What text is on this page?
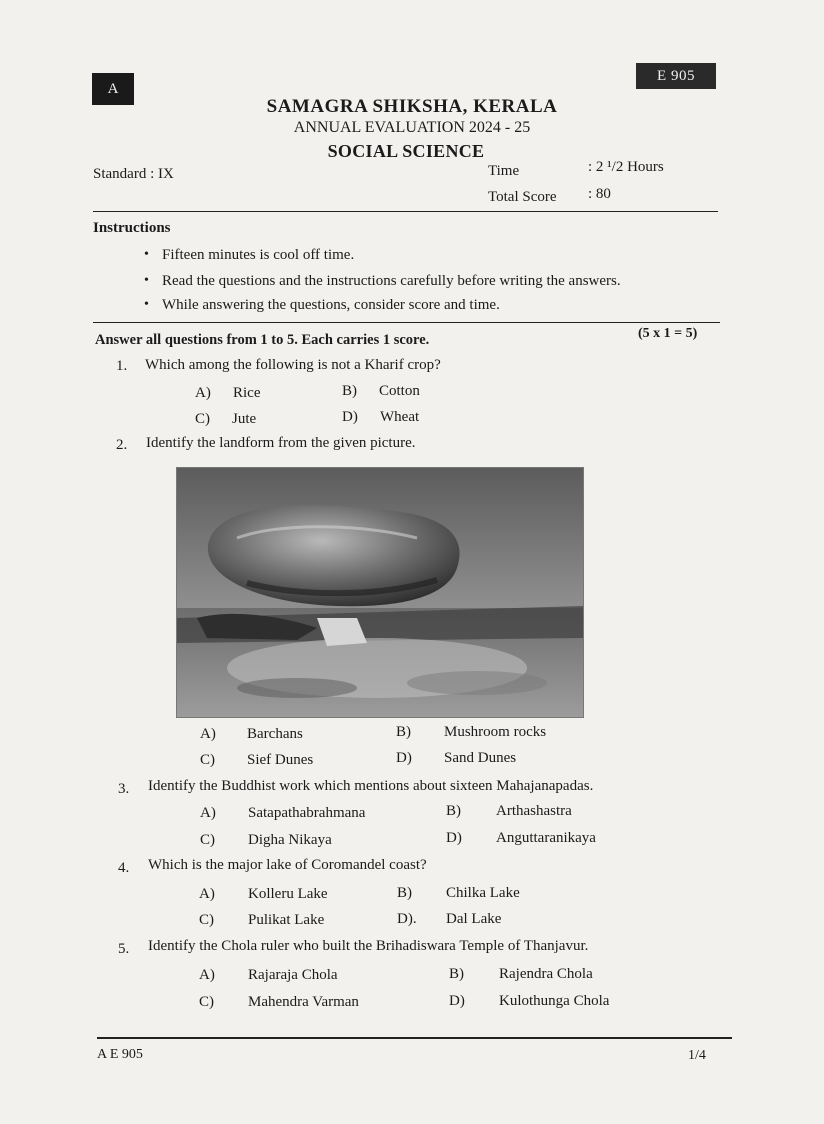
A
E 905
SAMAGRA SHIKSHA, KERALA
ANNUAL EVALUATION 2024 - 25
SOCIAL SCIENCE
Standard : IX	Time	: 2 ¹/2 Hours
Total Score : 80
Instructions
• Fifteen minutes is cool off time.
• Read the questions and the instructions carefully before writing the answers.
• While answering the questions, consider score and time.
Answer all questions from 1 to 5. Each carries 1 score.	(5 x 1 = 5)
1. Which among the following is not a Kharif crop?
A) Rice	B) Cotton
C) Jute	D) Wheat
2. Identify the landform from the given picture.
A) Barchans	B) Mushroom rocks
C) Sief Dunes	D) Sand Dunes
3. Identify the Buddhist work which mentions about sixteen Mahajanapadas.
A) Satapathabrahmana	B) Arthashastra
C) Digha Nikaya	D) Anguttaranikaya
4. Which is the major lake of Coromandel coast?
A) Kolleru Lake	B) Chilka Lake
C) Pulikat Lake	D). Dal Lake
5. Identify the Chola ruler who built the Brihadiswara Temple of Thanjavur.
A) Rajaraja Chola	B) Rajendra Chola
C) Mahendra Varman	D) Kulothunga Chola
A E 905	1/4
